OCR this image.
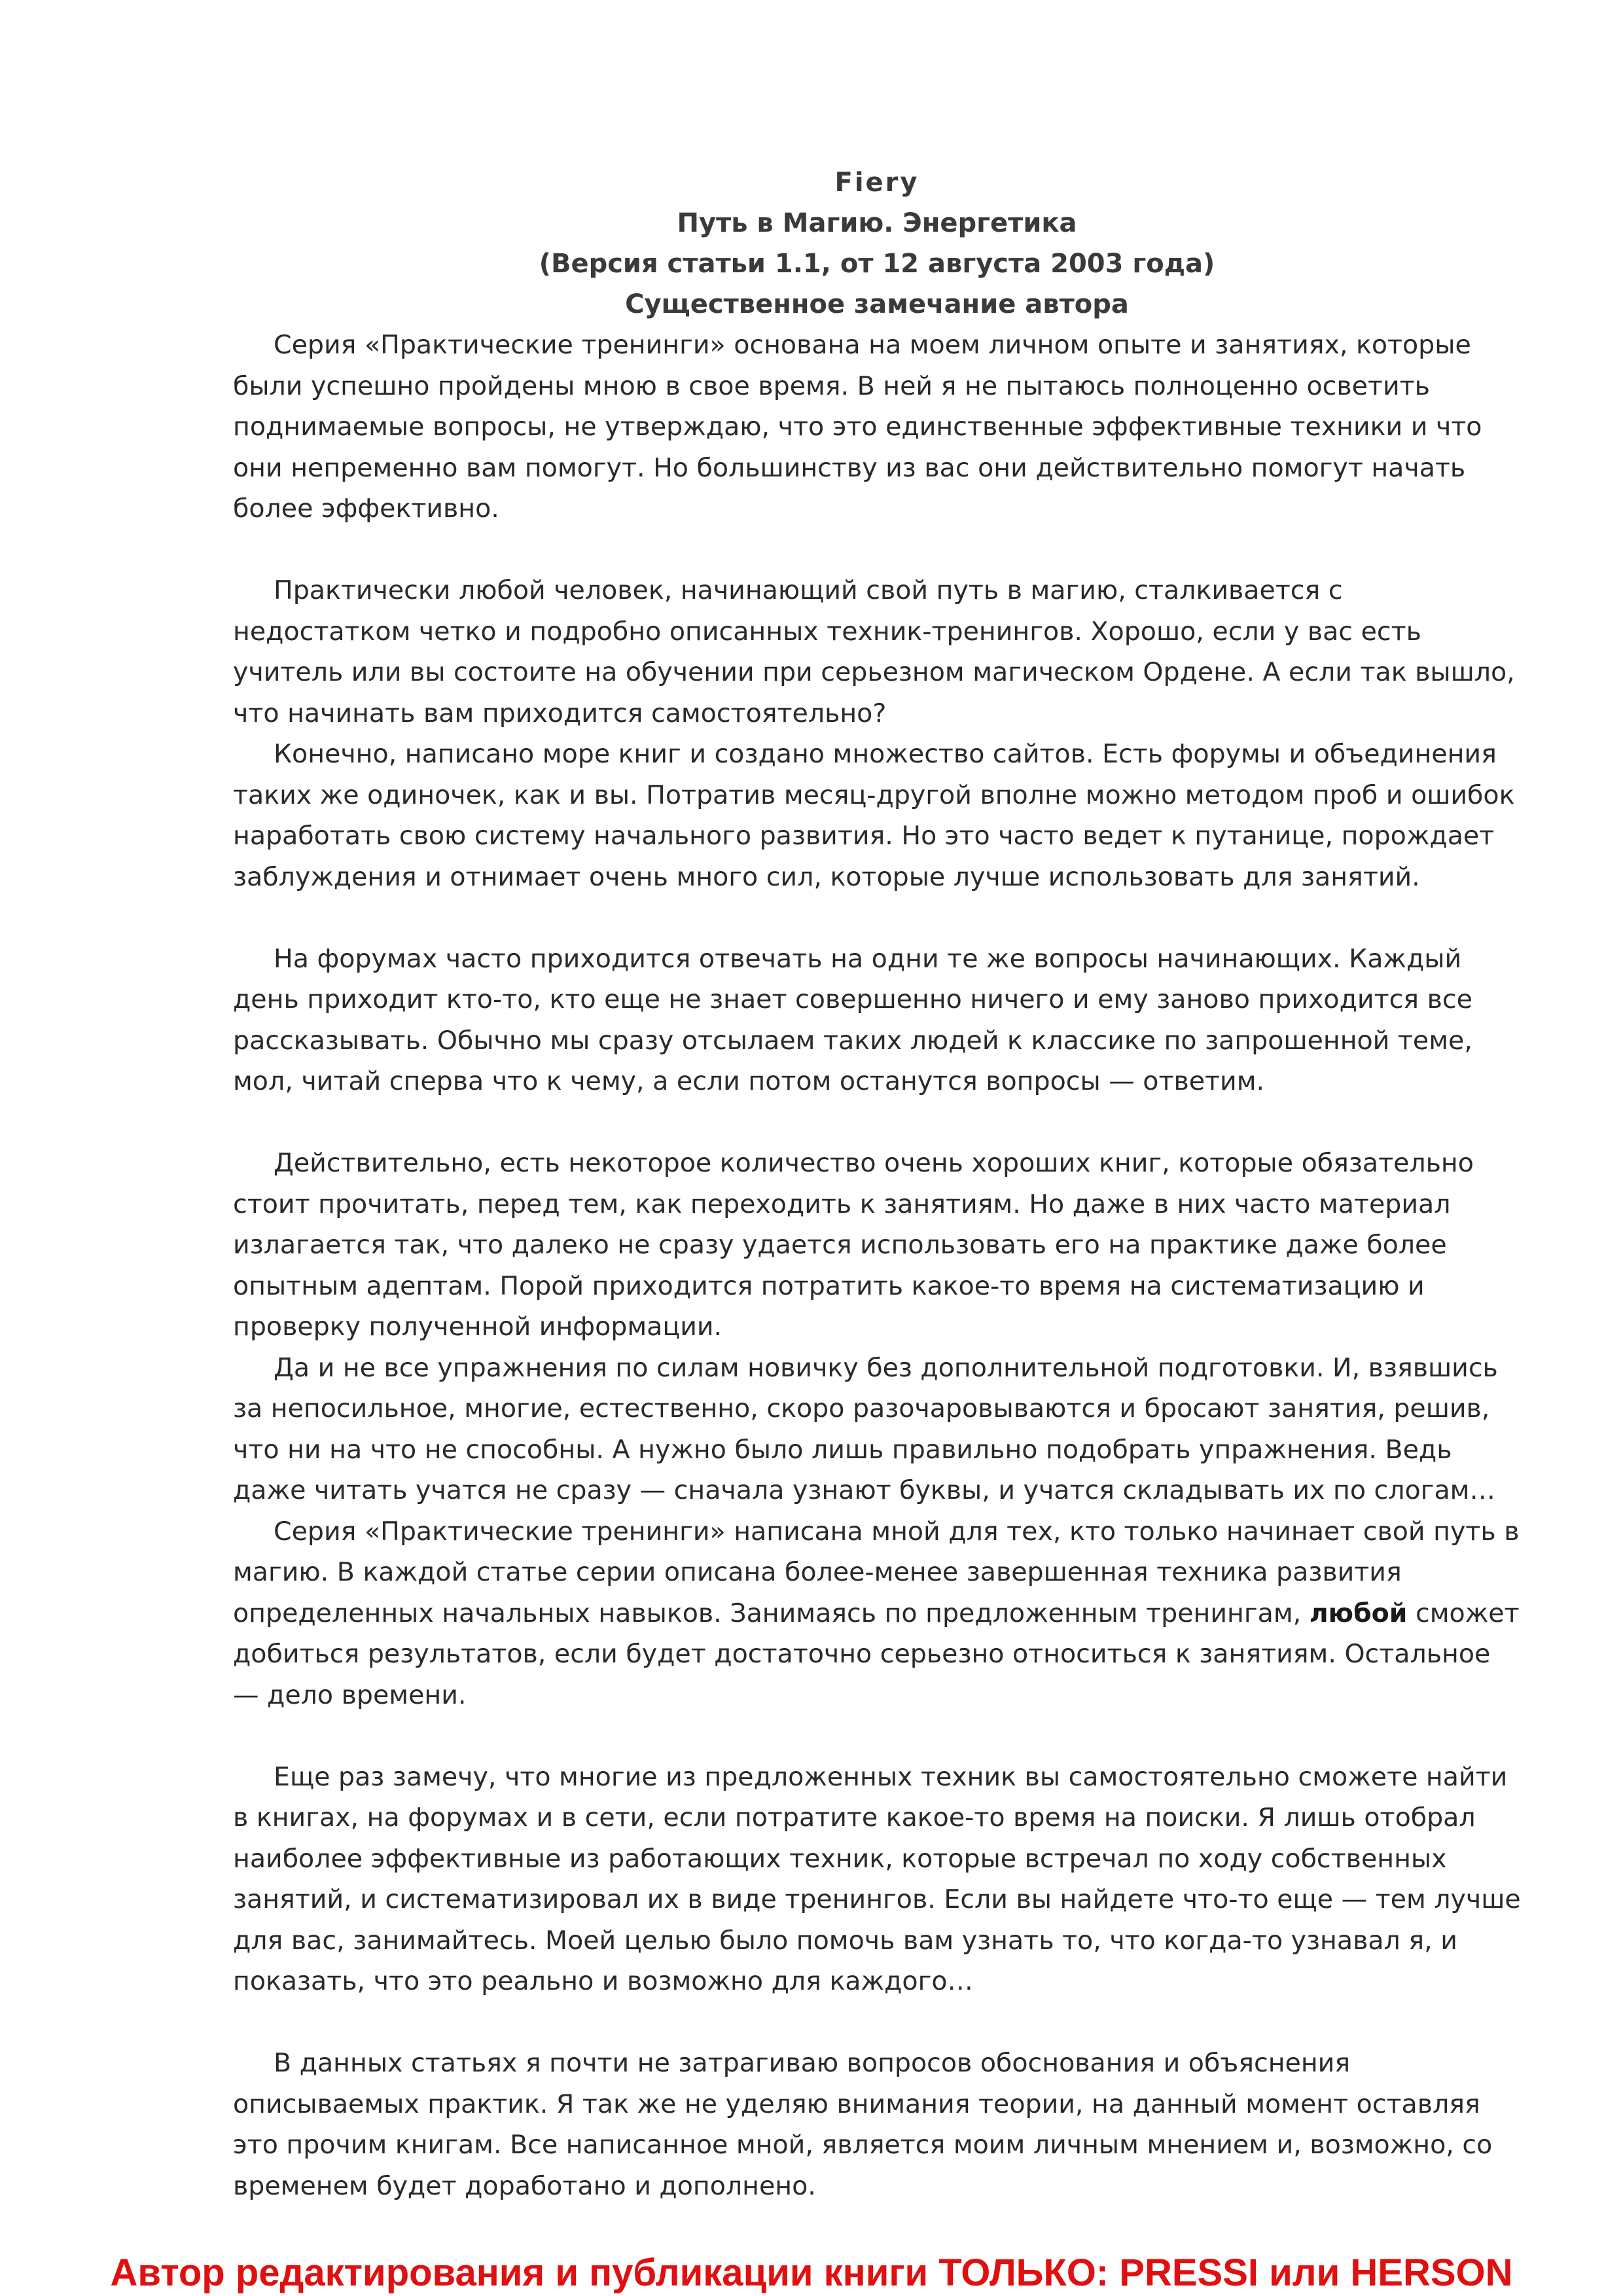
Fiery
Путь в Магию. Энергетика
(Версия статьи 1.1, от 12 августа 2003 года)
Существенное замечание автора

Серия «Практические тренинги» основана на моем личном опыте и занятиях, которые были успешно пройдены мною в свое время. В ней я не пытаюсь полноценно осветить поднимаемые вопросы, не утверждаю, что это единственные эффективные техники и что они непременно вам помогут. Но большинству из вас они действительно помогут начать более эффективно.

Практически любой человек, начинающий свой путь в магию, сталкивается с недостатком четко и подробно описанных техник-тренингов. Хорошо, если у вас есть учитель или вы состоите на обучении при серьезном магическом Ордене. А если так вышло, что начинать вам приходится самостоятельно?

Конечно, написано море книг и создано множество сайтов. Есть форумы и объединения таких же одиночек, как и вы. Потратив месяц-другой вполне можно методом проб и ошибок наработать свою систему начального развития. Но это часто ведет к путанице, порождает заблуждения и отнимает очень много сил, которые лучше использовать для занятий.

На форумах часто приходится отвечать на одни те же вопросы начинающих. Каждый день приходит кто-то, кто еще не знает совершенно ничего и ему заново приходится все рассказывать. Обычно мы сразу отсылаем таких людей к классике по запрошенной теме, мол, читай сперва что к чему, а если потом останутся вопросы — ответим.

Действительно, есть некоторое количество очень хороших книг, которые обязательно стоит прочитать, перед тем, как переходить к занятиям. Но даже в них часто материал излагается так, что далеко не сразу удается использовать его на практике даже более опытным адептам. Порой приходится потратить какое-то время на систематизацию и проверку полученной информации.

Да и не все упражнения по силам новичку без дополнительной подготовки. И, взявшись за непосильное, многие, естественно, скоро разочаровываются и бросают занятия, решив, что ни на что не способны. А нужно было лишь правильно подобрать упражнения. Ведь даже читать учатся не сразу — сначала узнают буквы, и учатся складывать их по слогам…

Серия «Практические тренинги» написана мной для тех, кто только начинает свой путь в магию. В каждой статье серии описана более-менее завершенная техника развития определенных начальных навыков. Занимаясь по предложенным тренингам, любой сможет добиться результатов, если будет достаточно серьезно относиться к занятиям. Остальное — дело времени.

Еще раз замечу, что многие из предложенных техник вы самостоятельно сможете найти в книгах, на форумах и в сети, если потратите какое-то время на поиски. Я лишь отобрал наиболее эффективные из работающих техник, которые встречал по ходу собственных занятий, и систематизировал их в виде тренингов. Если вы найдете что-то еще — тем лучше для вас, занимайтесь. Моей целью было помочь вам узнать то, что когда-то узнавал я, и показать, что это реально и возможно для каждого…

В данных статьях я почти не затрагиваю вопросов обоснования и объяснения описываемых практик. Я так же не уделяю внимания теории, на данный момент оставляя это прочим книгам. Все написанное мной, является моим личным мнением и, возможно, со временем будет доработано и дополнено.

Автор редактирования и публикации книги ТОЛЬКО: PRESSI или HERSON
